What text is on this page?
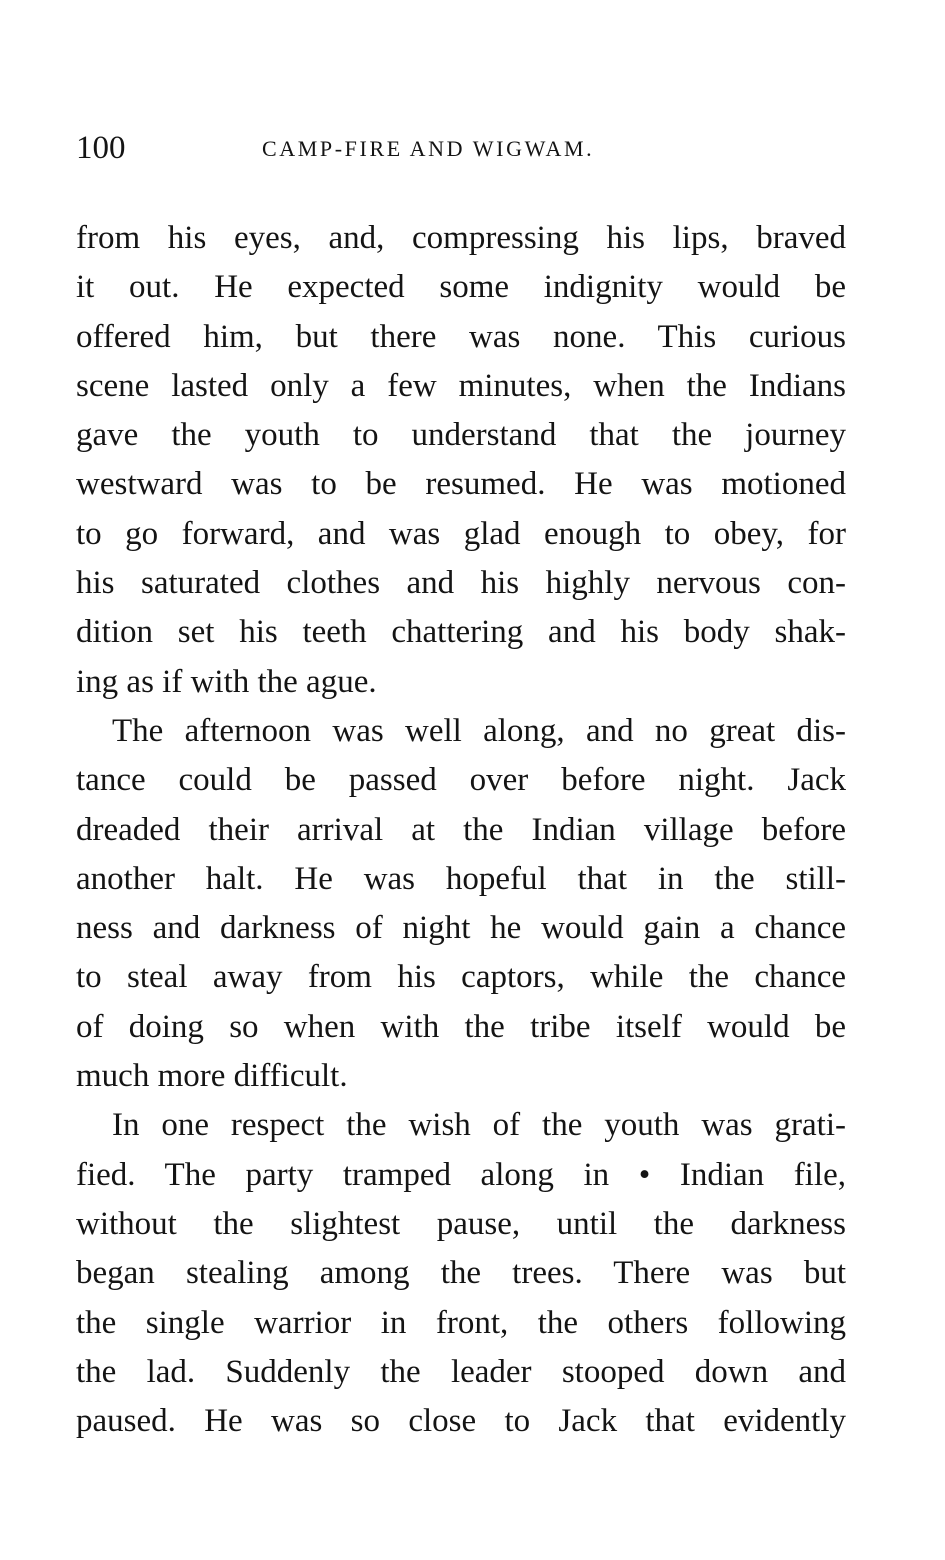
100	CAMP-FIRE AND WIGWAM.
from his eyes, and, compressing his lips, braved
it out. He expected some indignity would be
offered him, but there was none. This curious
scene lasted only a few minutes, when the Indians
gave the youth to understand that the journey
westward was to be resumed. He was motioned
to go forward, and was glad enough to obey, for
his saturated clothes and his highly nervous con-
dition set his teeth chattering and his body shak-
ing as if with the ague.
The afternoon was well along, and no great dis-
tance could be passed over before night. Jack
dreaded their arrival at the Indian village before
another halt. He was hopeful that in the still-
ness and darkness of night he would gain a chance
to steal away from his captors, while the chance
of doing so when with the tribe itself would be
much more difficult.
In one respect the wish of the youth was grati-
fied. The party tramped along in • Indian file,
without the slightest pause, until the darkness
began stealing among the trees. There was but
the single warrior in front, the others following
the lad. Suddenly the leader stooped down and
paused. He was so close to Jack that evidently
